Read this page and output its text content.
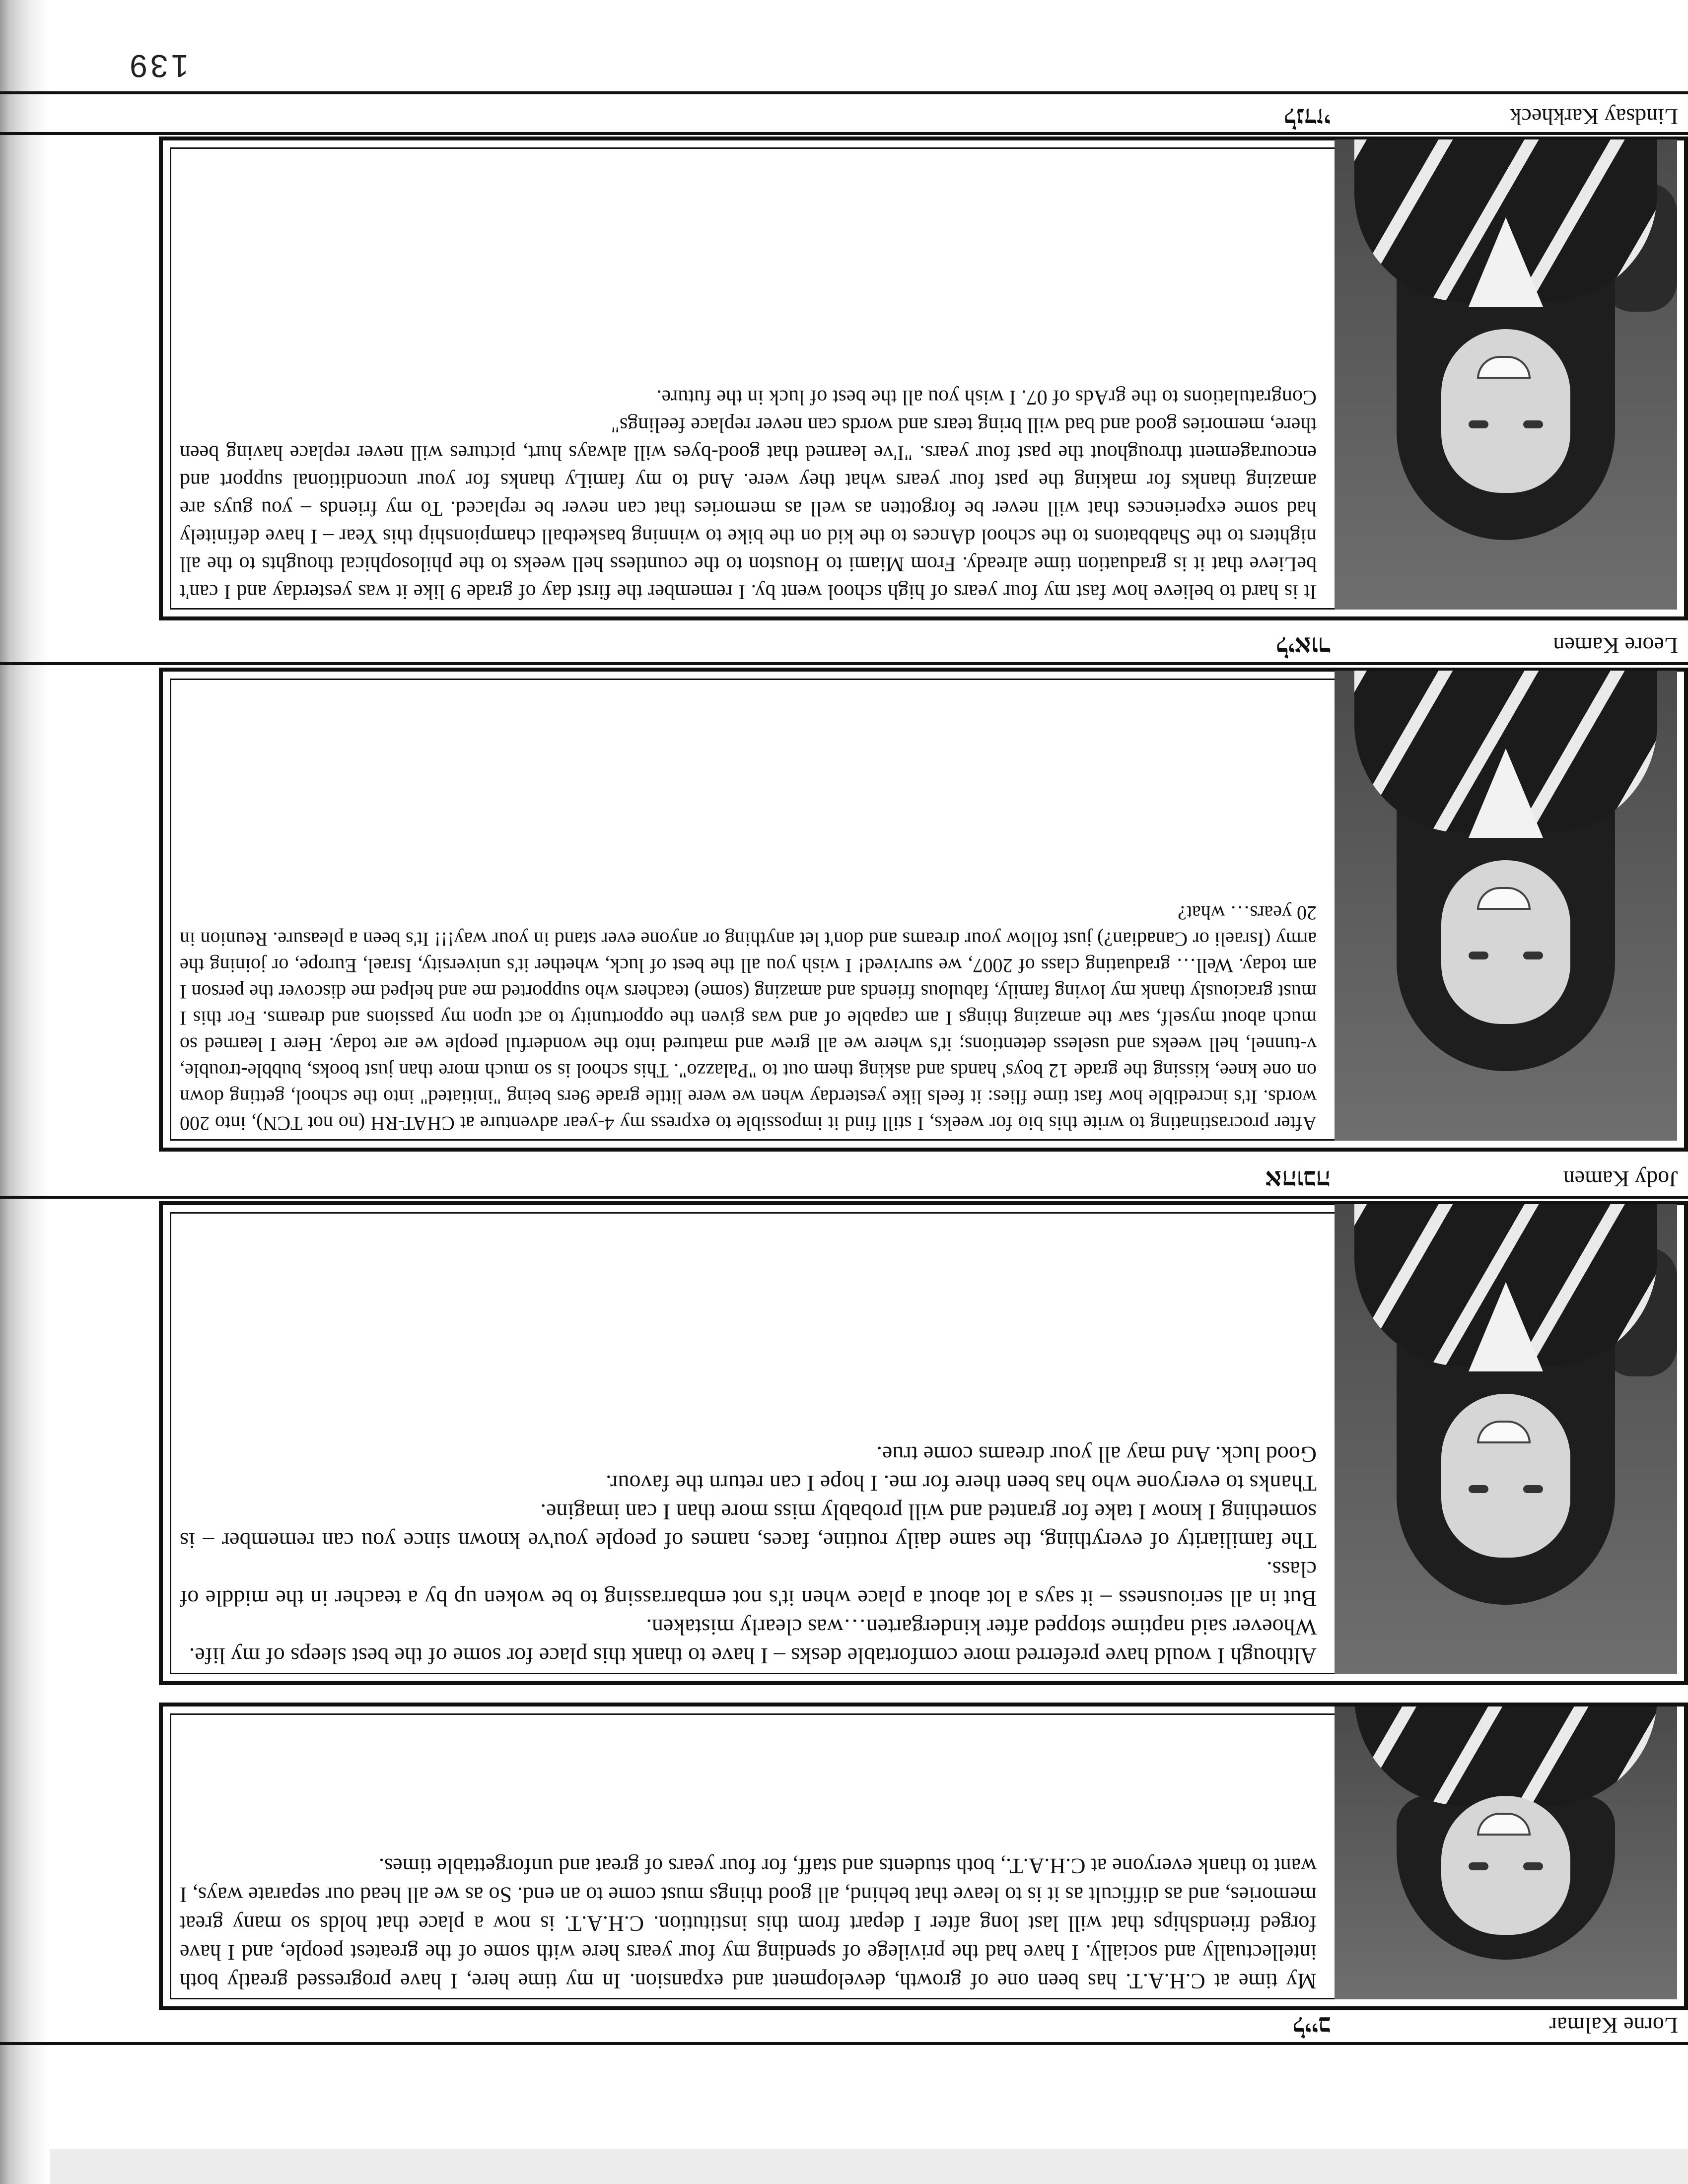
139
Lindsay Karkheck
לנדזי

It is hard to believe how fast my four years of high school went by. I remember the first day of grade 9 like it was yesterday and I can't beLieve that it is graduation time already. From Miami to Houston to the countless hell weeks to the philosophical thoughts to the all nighters to the Shabbatons to the school dAnces to the kid on the bike to winning basketball championship this Year – I have definitely had some experiences that will never be forgotten as well as memories that can never be replaced. To my friends – you guys are amazing thanks for making the past four years what they were. And to my famiLy thanks for your unconditional support and encouragement throughout the past four years. "I've learned that good-byes will always hurt, pictures will never replace having been there, memories good and bad will bring tears and words can never replace feelings"

Congratulations to the grAds of 07. I wish you all the best of luck in the future.

Leore Kamen
ליאור

After procrastinating to write this bio for weeks, I still find it impossible to express my 4-year adventure at CHAT-RH (no not TCN), into 200 words. It's incredible how fast time flies: it feels like yesterday when we were little grade 9ers being "initiated" into the school, getting down on one knee, kissing the grade 12 boys' hands and asking them out to "Palazzo". This school is so much more than just books, bubble-trouble, v-tunnel, hell weeks and useless detentions; it's where we all grew and matured into the wonderful people we are today. Here I learned so much about myself, saw the amazing things I am capable of and was given the opportunity to act upon my passions and dreams. For this I must graciously thank my loving family, fabulous friends and amazing (some) teachers who supported me and helped me discover the person I am today. Well… graduating class of 2007, we survived! I wish you all the best of luck, whether it's university, Israel, Europe, or joining the army (Israeli or Canadian?) just follow your dreams and don't let anything or anyone ever stand in your way!!! It's been a pleasure. Reunion in 20 years… what?

Jody Kamen
אהובה

Although I would have preferred more comfortable desks – I have to thank this place for some of the best sleeps of my life.

Whoever said naptime stopped after kindergarten…was clearly mistaken.

But in all seriousness – it says a lot about a place when it's not embarrassing to be woken up by a teacher in the middle of class.

The familiarity of everything, the same daily routine, faces, names of people you've known since you can remember – is something I know I take for granted and will probably miss more than I can imagine.

Thanks to everyone who has been there for me. I hope I can return the favour.

Good luck. And may all your dreams come true.

Lorne Kalmar
לייב

My time at C.H.A.T. has been one of growth, development and expansion. In my time here, I have progressed greatly both intellectually and socially. I have had the privilege of spending my four years here with some of the greatest people, and I have forged friendships that will last long after I depart from this institution. C.H.A.T. is now a place that holds so many great memories, and as difficult as it is to leave that behind, all good things must come to an end. So as we all head our separate ways, I want to thank everyone at C.H.A.T., both students and staff, for four years of great and unforgettable times.
